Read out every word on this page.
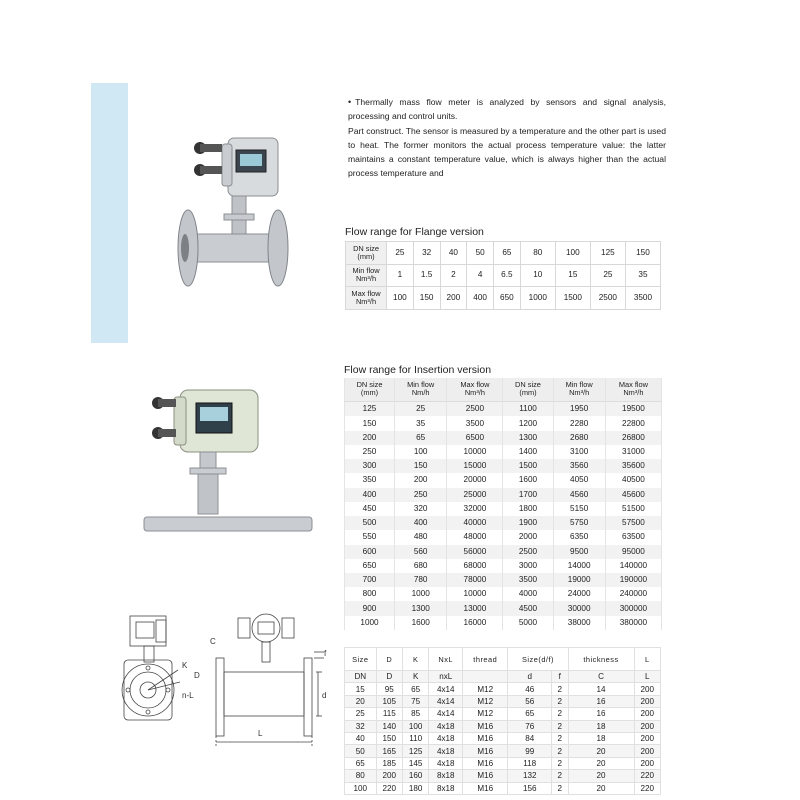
• Thermally mass flow meter is analyzed by sensors and signal analysis, processing and control units.

Part construct. The sensor is measured by a temperature and the other part is used to heat. The former monitors the actual process temperature value: the latter maintains a constant temperature value, which is always higher than the actual process temperature and

Flow range for Flange version
DN size
(mm)	25	32	40	50	65	80	100	125	150
Min flow
Nm³/h	1	1.5	2	4	6.5	10	15	25	35
Max flow
Nm³/h	100	150	200	400	650	1000	1500	2500	3500
Flow range for Insertion version
DN size
(mm)	Min flow
Nm/h	Max flow
Nm³/h	DN size
(mm)	Min flow
Nm³/h	Max flow
Nm³/h
125	25	2500	1100	1950	19500
150	35	3500	1200	2280	22800
200	65	6500	1300	2680	26800
250	100	10000	1400	3100	31000
300	150	15000	1500	3560	35600
350	200	20000	1600	4050	40500
400	250	25000	1700	4560	45600
450	320	32000	1800	5150	51500
500	400	40000	1900	5750	57500
550	480	48000	2000	6350	63500
600	560	56000	2500	9500	95000
650	680	68000	3000	14000	140000
700	780	78000	3500	19000	190000
800	1000	10000	4000	24000	240000
900	1300	13000	4500	30000	300000
1000	1600	16000	5000	38000	380000
C
K
D
n-L
f
d
L
Size	D	K	NxL	thread	Size(d/f)		thickness	L
DN	D	K	nxL		d	f	C	L
15	95	65	4x14	M12	46	2	14	200
20	105	75	4x14	M12	56	2	16	200
25	115	85	4x14	M12	65	2	16	200
32	140	100	4x18	M16	76	2	18	200
40	150	110	4x18	M16	84	2	18	200
50	165	125	4x18	M16	99	2	20	200
65	185	145	4x18	M16	118	2	20	200
80	200	160	8x18	M16	132	2	20	220
100	220	180	8x18	M16	156	2	20	220
